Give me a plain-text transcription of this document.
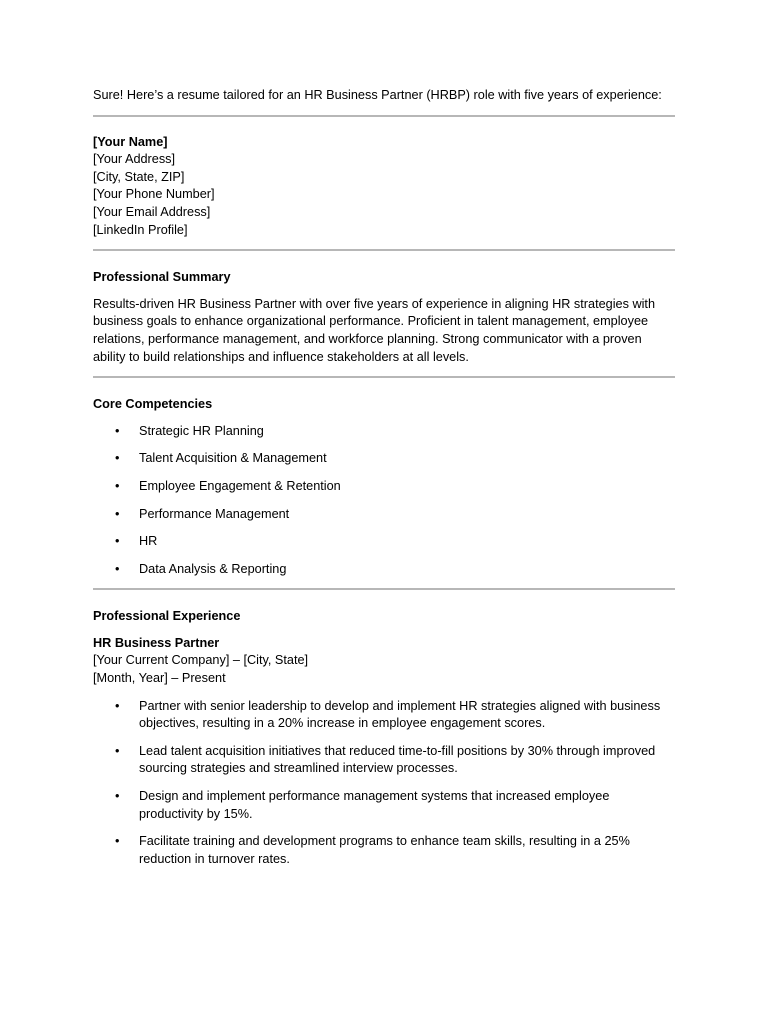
Sure! Here’s a resume tailored for an HR Business Partner (HRBP) role with five years of experience:

[Your Name]
[Your Address]
[City, State, ZIP]
[Your Phone Number]
[Your Email Address]
[LinkedIn Profile]
Professional Summary

Results-driven HR Business Partner with over five years of experience in aligning HR strategies with business goals to enhance organizational performance. Proficient in talent management, employee relations, performance management, and workforce planning. Strong communicator with a proven ability to build relationships and influence stakeholders at all levels.

Core Competencies
• Strategic HR Planning
• Talent Acquisition & Management
• Employee Engagement & Retention
• Performance Management
• HR
• Data Analysis & Reporting
Professional Experience
HR Business Partner
[Your Current Company] – [City, State]
[Month, Year] – Present
• Partner with senior leadership to develop and implement HR strategies aligned with business objectives, resulting in a 20% increase in employee engagement scores.
• Lead talent acquisition initiatives that reduced time-to-fill positions by 30% through improved sourcing strategies and streamlined interview processes.
• Design and implement performance management systems that increased employee productivity by 15%.
• Facilitate training and development programs to enhance team skills, resulting in a 25% reduction in turnover rates.
